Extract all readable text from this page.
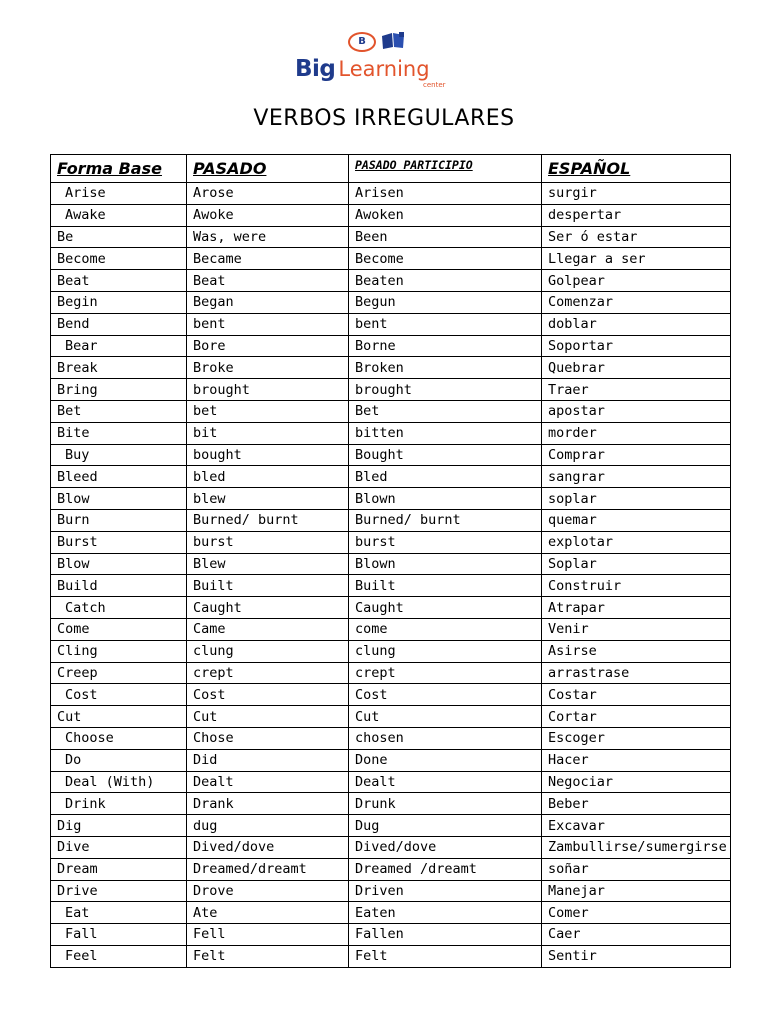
B
Big Learning
center
VERBOS IRREGULARES
Forma Base	PASADO	PASADO PARTICIPIO	ESPAÑOL
Arise	Arose	Arisen	surgir
Awake	Awoke	Awoken	despertar
Be	Was, were	Been	Ser ó estar
Become	Became	Become	Llegar a ser
Beat	Beat	Beaten	Golpear
Begin	Began	Begun	Comenzar
Bend	bent	bent	doblar
Bear	Bore	Borne	Soportar
Break	Broke	Broken	Quebrar
Bring	brought	brought	Traer
Bet	bet	Bet	apostar
Bite	bit	bitten	morder
Buy	bought	Bought	Comprar
Bleed	bled	Bled	sangrar
Blow	blew	Blown	soplar
Burn	Burned/ burnt	Burned/ burnt	quemar
Burst	burst	burst	explotar
Blow	Blew	Blown	Soplar
Build	Built	Built	Construir
Catch	Caught	Caught	Atrapar
Come	Came	come	Venir
Cling	clung	clung	Asirse
Creep	crept	crept	arrastrase
Cost	Cost	Cost	Costar
Cut	Cut	Cut	Cortar
Choose	Chose	chosen	Escoger
Do	Did	Done	Hacer
Deal (With)	Dealt	Dealt	Negociar
Drink	Drank	Drunk	Beber
Dig	dug	Dug	Excavar
Dive	Dived/dove	Dived/dove	Zambullirse/sumergirse
Dream	Dreamed/dreamt	Dreamed /dreamt	soñar
Drive	Drove	Driven	Manejar
Eat	Ate	Eaten	Comer
Fall	Fell	Fallen	Caer
Feel	Felt	Felt	Sentir
